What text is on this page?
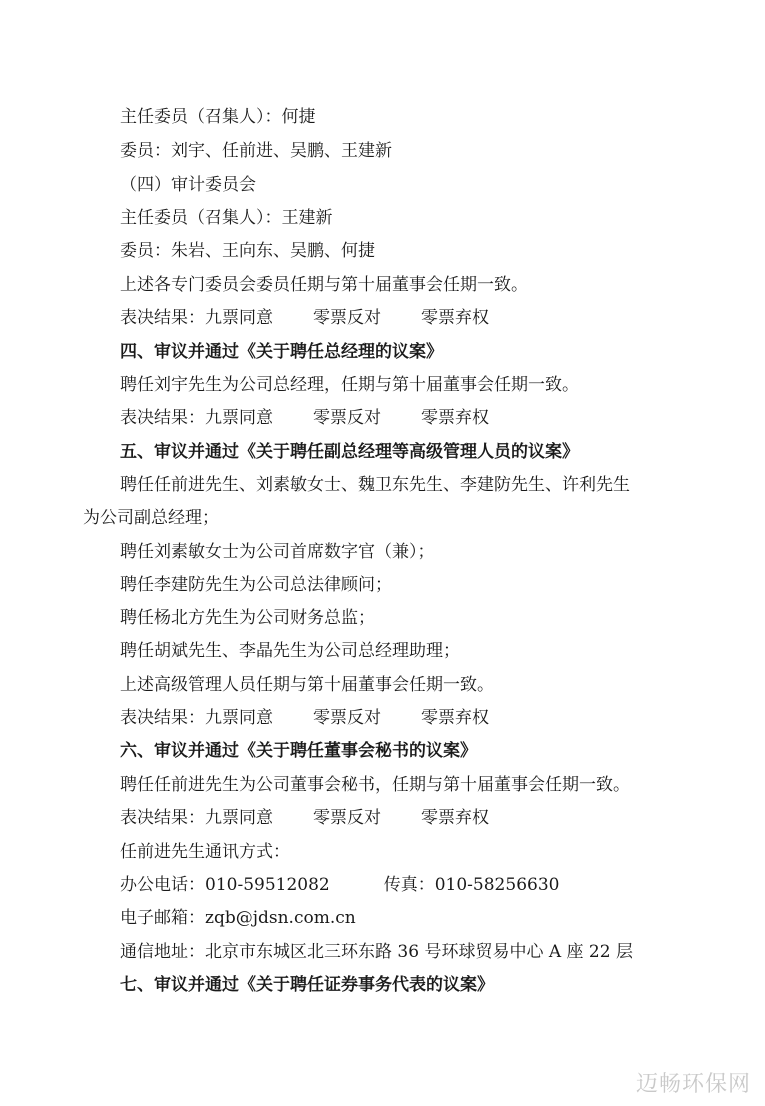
主任委员（召集人）：何捷
委员：刘宇、任前进、吴鹏、王建新
（四）审计委员会
主任委员（召集人）：王建新
委员：朱岩、王向东、吴鹏、何捷
上述各专门委员会委员任期与第十届董事会任期一致。
表决结果：九票同意 零票反对 零票弃权
四、审议并通过《关于聘任总经理的议案》
聘任刘宇先生为公司总经理，任期与第十届董事会任期一致。
表决结果：九票同意 零票反对 零票弃权
五、审议并通过《关于聘任副总经理等高级管理人员的议案》
聘任任前进先生、刘素敏女士、魏卫东先生、李建防先生、许利先生
为公司副总经理；
聘任刘素敏女士为公司首席数字官（兼）；
聘任李建防先生为公司总法律顾问；
聘任杨北方先生为公司财务总监；
聘任胡斌先生、李晶先生为公司总经理助理；
上述高级管理人员任期与第十届董事会任期一致。
表决结果：九票同意 零票反对 零票弃权
六、审议并通过《关于聘任董事会秘书的议案》
聘任任前进先生为公司董事会秘书，任期与第十届董事会任期一致。
表决结果：九票同意 零票反对 零票弃权
任前进先生通讯方式：
办公电话：010-59512082	传真：010-58256630
电子邮箱：zqb@jdsn.com.cn
通信地址：北京市东城区北三环东路 36 号环球贸易中心 A 座 22 层
七、审议并通过《关于聘任证券事务代表的议案》
迈畅环保网
